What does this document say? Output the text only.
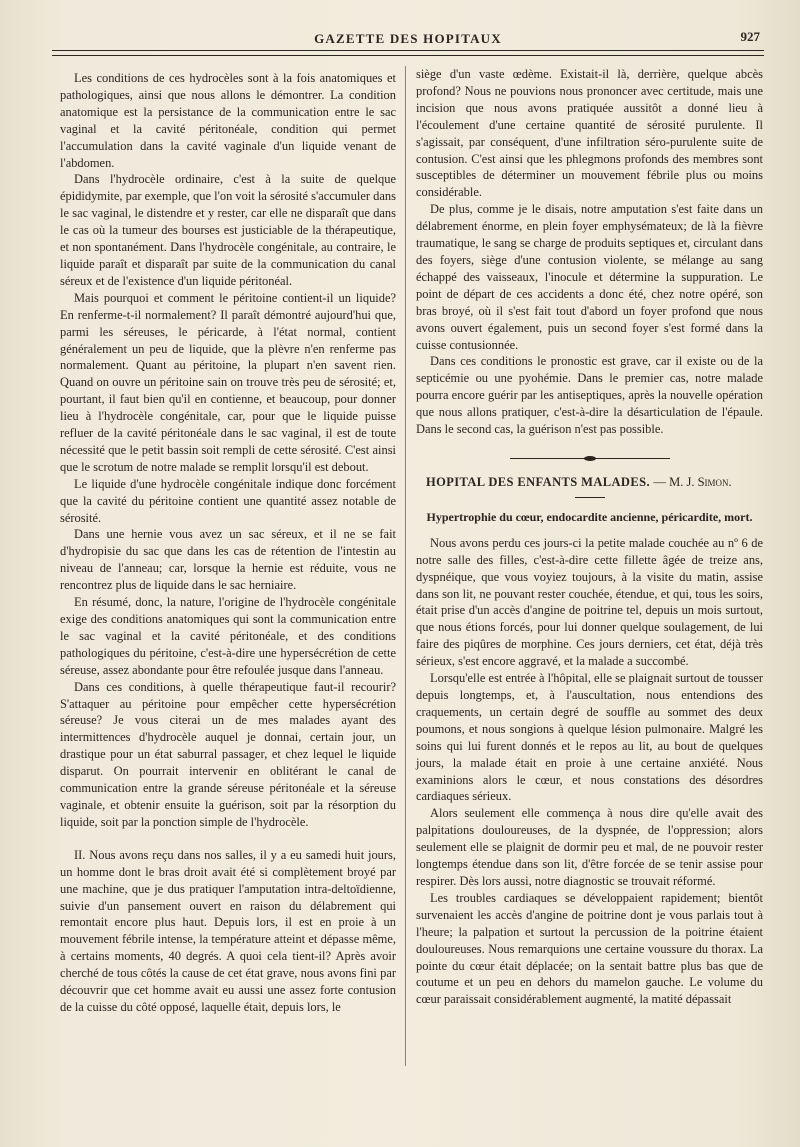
GAZETTE DES HOPITAUX	927

Les conditions de ces hydrocèles sont à la fois anatomiques et pathologiques, ainsi que nous allons le démontrer. La condition anatomique est la persistance de la communication entre le sac vaginal et la cavité péritonéale, condition qui permet l'accumulation dans la cavité vaginale d'un liquide venant de l'abdomen.

Dans l'hydrocèle ordinaire, c'est à la suite de quelque épididymite, par exemple, que l'on voit la sérosité s'accumuler dans le sac vaginal, le distendre et y rester, car elle ne disparaît que dans le cas où la tumeur des bourses est justiciable de la thérapeutique, et non spontanément. Dans l'hydrocèle congénitale, au contraire, le liquide paraît et disparaît par suite de la communication du canal séreux et de l'existence d'un liquide péritonéal.

Mais pourquoi et comment le péritoine contient-il un liquide? En renferme-t-il normalement? Il paraît démontré aujourd'hui que, parmi les séreuses, le péricarde, à l'état normal, contient généralement un peu de liquide, que la plèvre n'en renferme pas normalement. Quant au péritoine, la plupart n'en savent rien. Quand on ouvre un péritoine sain on trouve très peu de sérosité; et, pourtant, il faut bien qu'il en contienne, et beaucoup, pour donner lieu à l'hydrocèle congénitale, car, pour que le liquide puisse refluer de la cavité péritonéale dans le sac vaginal, il est de toute nécessité que le petit bassin soit rempli de cette sérosité. C'est ainsi que le scrotum de notre malade se remplit lorsqu'il est debout.

Le liquide d'une hydrocèle congénitale indique donc forcément que la cavité du péritoine contient une quantité assez notable de sérosité.

Dans une hernie vous avez un sac séreux, et il ne se fait d'hydropisie du sac que dans les cas de rétention de l'intestin au niveau de l'anneau; car, lorsque la hernie est réduite, vous ne rencontrez plus de liquide dans le sac herniaire.

En résumé, donc, la nature, l'origine de l'hydrocèle congénitale exige des conditions anatomiques qui sont la communication entre le sac vaginal et la cavité péritonéale, et des conditions pathologiques du péritoine, c'est-à-dire une hypersécrétion de cette séreuse, assez abondante pour être refoulée jusque dans l'anneau.

Dans ces conditions, à quelle thérapeutique faut-il recourir? S'attaquer au péritoine pour empêcher cette hypersécrétion séreuse? Je vous citerai un de mes malades ayant des intermittences d'hydrocèle auquel je donnai, certain jour, un drastique pour un état saburral passager, et chez lequel le liquide disparut. On pourrait intervenir en oblitérant le canal de communication entre la grande séreuse péritonéale et la séreuse vaginale, et obtenir ensuite la guérison, soit par la résorption du liquide, soit par la ponction simple de l'hydrocèle.

II. Nous avons reçu dans nos salles, il y a eu samedi huit jours, un homme dont le bras droit avait été si complètement broyé par une machine, que je dus pratiquer l'amputation intra-deltoïdienne, suivie d'un pansement ouvert en raison du délabrement qui remontait encore plus haut. Depuis lors, il est en proie à un mouvement fébrile intense, la température atteint et dépasse même, à certains moments, 40 degrés. A quoi cela tient-il? Après avoir cherché de tous côtés la cause de cet état grave, nous avons fini par découvrir que cet homme avait eu aussi une assez forte contusion de la cuisse du côté opposé, laquelle était, depuis lors, le

siège d'un vaste œdème. Existait-il là, derrière, quelque abcès profond? Nous ne pouvions nous prononcer avec certitude, mais une incision que nous avons pratiquée aussitôt a donné lieu à l'écoulement d'une certaine quantité de sérosité purulente. Il s'agissait, par conséquent, d'une infiltration séro-purulente suite de contusion. C'est ainsi que les phlegmons profonds des membres sont susceptibles de déterminer un mouvement fébrile plus ou moins considérable.

De plus, comme je le disais, notre amputation s'est faite dans un délabrement énorme, en plein foyer emphysémateux; de là la fièvre traumatique, le sang se charge de produits septiques et, circulant dans des foyers, siège d'une contusion violente, se mélange au sang échappé des vaisseaux, l'inocule et détermine la suppuration. Le point de départ de ces accidents a donc été, chez notre opéré, son bras broyé, où il s'est fait tout d'abord un foyer profond que nous avons ouvert également, puis un second foyer s'est formé dans la cuisse contusionnée.

Dans ces conditions le pronostic est grave, car il existe ou de la septicémie ou une pyohémie. Dans le premier cas, notre malade pourra encore guérir par les antiseptiques, après la nouvelle opération que nous allons pratiquer, c'est-à-dire la désarticulation de l'épaule. Dans le second cas, la guérison n'est pas possible.

HOPITAL DES ENFANTS MALADES. — M. J. Simon.

Hypertrophie du cœur, endocardite ancienne, péricardite, mort.

Nous avons perdu ces jours-ci la petite malade couchée au nº 6 de notre salle des filles, c'est-à-dire cette fillette âgée de treize ans, dyspnéique, que vous voyiez toujours, à la visite du matin, assise dans son lit, ne pouvant rester couchée, étendue, et qui, tous les soirs, était prise d'un accès d'angine de poitrine tel, depuis un mois surtout, que nous étions forcés, pour lui donner quelque soulagement, de lui faire des piqûres de morphine. Ces jours derniers, cet état, déjà très sérieux, s'est encore aggravé, et la malade a succombé.

Lorsqu'elle est entrée à l'hôpital, elle se plaignait surtout de tousser depuis longtemps, et, à l'auscultation, nous entendions des craquements, un certain degré de souffle au sommet des deux poumons, et nous songions à quelque lésion pulmonaire. Malgré les soins qui lui furent donnés et le repos au lit, au bout de quelques jours, la malade était en proie à une certaine anxiété. Nous examinions alors le cœur, et nous constations des désordres cardiaques sérieux.

Alors seulement elle commença à nous dire qu'elle avait des palpitations douloureuses, de la dyspnée, de l'oppression; alors seulement elle se plaignit de dormir peu et mal, de ne pouvoir rester longtemps étendue dans son lit, d'être forcée de se tenir assise pour respirer. Dès lors aussi, notre diagnostic se trouvait réformé.

Les troubles cardiaques se développaient rapidement; bientôt survenaient les accès d'angine de poitrine dont je vous parlais tout à l'heure; la palpation et surtout la percussion de la poitrine étaient douloureuses. Nous remarquions une certaine voussure du thorax. La pointe du cœur était déplacée; on la sentait battre plus bas que de coutume et un peu en dehors du mamelon gauche. Le volume du cœur paraissait considérablement augmenté, la matité dépassait
